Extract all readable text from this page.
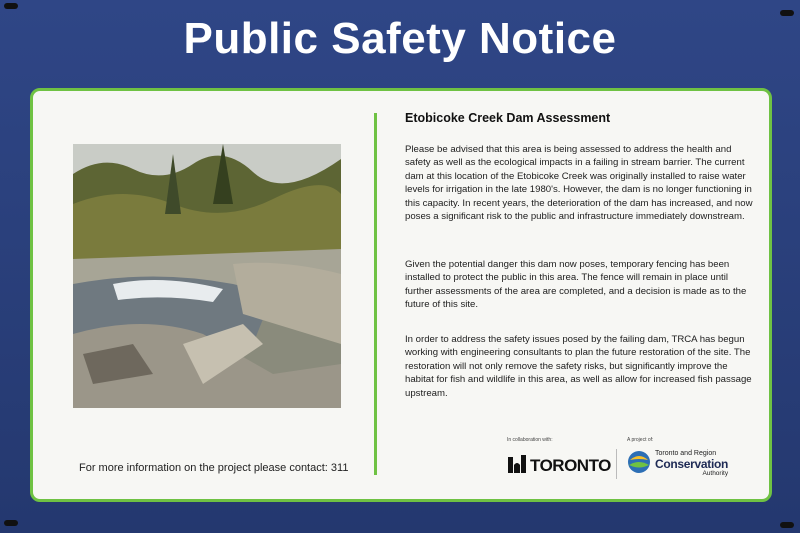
Public Safety Notice

For more information on the project please contact: 311
Etobicoke Creek Dam Assessment

Please be advised that this area is being assessed to address the health and safety as well as the ecological impacts in a failing in stream barrier. The current dam at this location of the Etobicoke Creek was originally installed to raise water levels for irrigation in the late 1980's. However, the dam is no longer functioning in this capacity. In recent years, the deterioration of the dam has increased, and now poses a significant risk to the public and infrastructure immediately downstream.

Given the potential danger this dam now poses, temporary fencing has been installed to protect the public in this area. The fence will remain in place until further assessments of the area are completed, and a decision is made as to the future of this site.

In order to address the safety issues posed by the failing dam, TRCA has begun working with engineering consultants to plan the future restoration of the site. The restoration will not only remove the safety risks, but significantly improve the habitat for fish and wildlife in this area, as well as allow for increased fish passage upstream.

In collaboration with:
TORONTO
A project of:
Toronto and Region
Conservation
Authority
